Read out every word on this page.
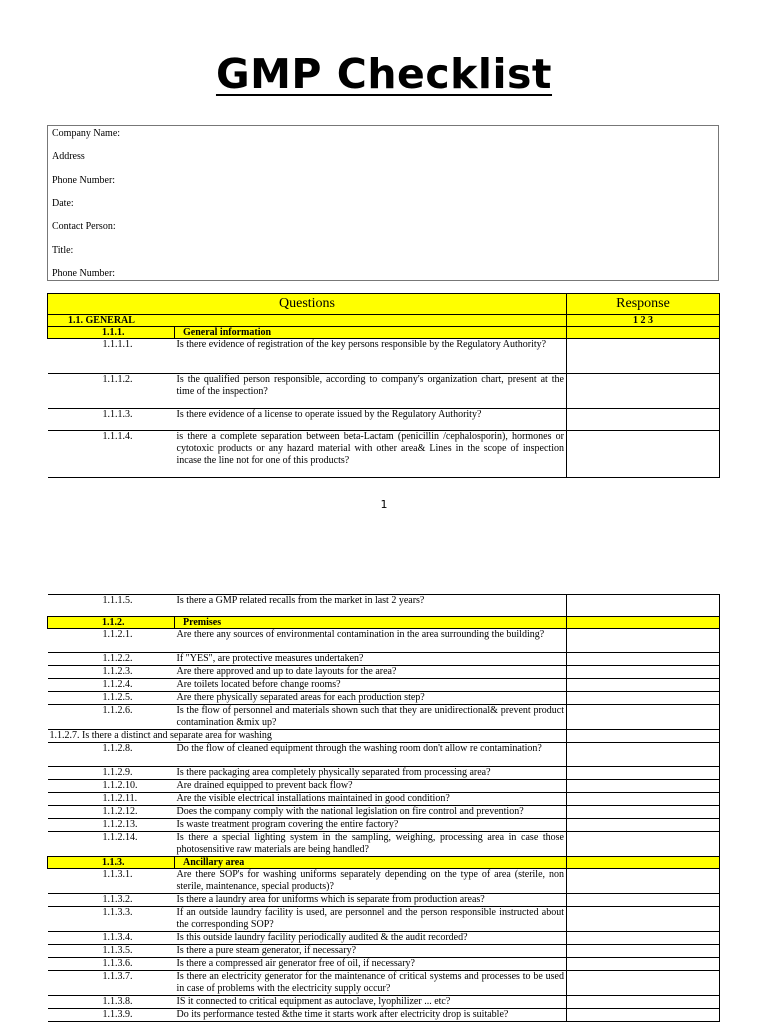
GMP Checklist
Company Name:
Address
Phone Number:
Date:
Contact Person:
Title:
Phone Number:
Questions		Response
1.1. GENERAL		1 2 3
1.1.1.	General information	
1.1.1.1.	Is there evidence of registration of the key persons responsible by the Regulatory Authority?	
1.1.1.2.	Is the qualified person responsible, according to company's organization chart, present at the time of the inspection?	
1.1.1.3.	Is there evidence of a license to operate issued by the Regulatory Authority?	
1.1.1.4.	is there a complete separation between beta-Lactam (penicillin /cephalosporin), hormones or cytotoxic products or any hazard material with other area& Lines in the scope of inspection incase the line not for one of this products?	
1
1.1.1.5.	Is there a GMP related recalls from the market in last 2 years?	
1.1.2.	Premises	
1.1.2.1.	Are there any sources of environmental contamination in the area surrounding the building?	
1.1.2.2.	If "YES", are protective measures undertaken?	
1.1.2.3.	Are there approved and up to date layouts for the area?	
1.1.2.4.	Are toilets located before change rooms?	
1.1.2.5.	Are there physically separated areas for each production step?	
1.1.2.6.	Is the flow of personnel and materials shown such that they are unidirectional& prevent product contamination &mix up?	
1.1.2.7. Is there a distinct and separate area for washing		
1.1.2.8.	Do the flow of cleaned equipment through the washing room don't allow re contamination?	
1.1.2.9.	Is there packaging area completely physically separated from processing area?	
1.1.2.10.	Are drained equipped to prevent back flow?	
1.1.2.11.	Are the visible electrical installations maintained in good condition?	
1.1.2.12.	Does the company comply with the national legislation on fire control and prevention?	
1.1.2.13.	Is waste treatment program covering the entire factory?	
1.1.2.14.	Is there a special lighting system in the sampling, weighing, processing area in case those photosensitive raw materials are being handled?	
1.1.3.	Ancillary area	
1.1.3.1.	Are there SOP's for washing uniforms separately depending on the type of area (sterile, non sterile, maintenance, special products)?	
1.1.3.2.	Is there a laundry area for uniforms which is separate from production areas?	
1.1.3.3.	If an outside laundry facility is used, are personnel and the person responsible instructed about the corresponding SOP?	
1.1.3.4.	Is this outside laundry facility periodically audited & the audit recorded?	
1.1.3.5.	Is there a pure steam generator, if necessary?	
1.1.3.6.	Is there a compressed air generator free of oil, if necessary?	
1.1.3.7.	Is there an electricity generator for the maintenance of critical systems and processes to be used in case of problems with the electricity supply occur?	
1.1.3.8.	IS it connected to critical equipment as autoclave, lyophilizer ... etc?	
1.1.3.9.	Do its performance tested &the time it starts work after electricity drop is suitable?	
